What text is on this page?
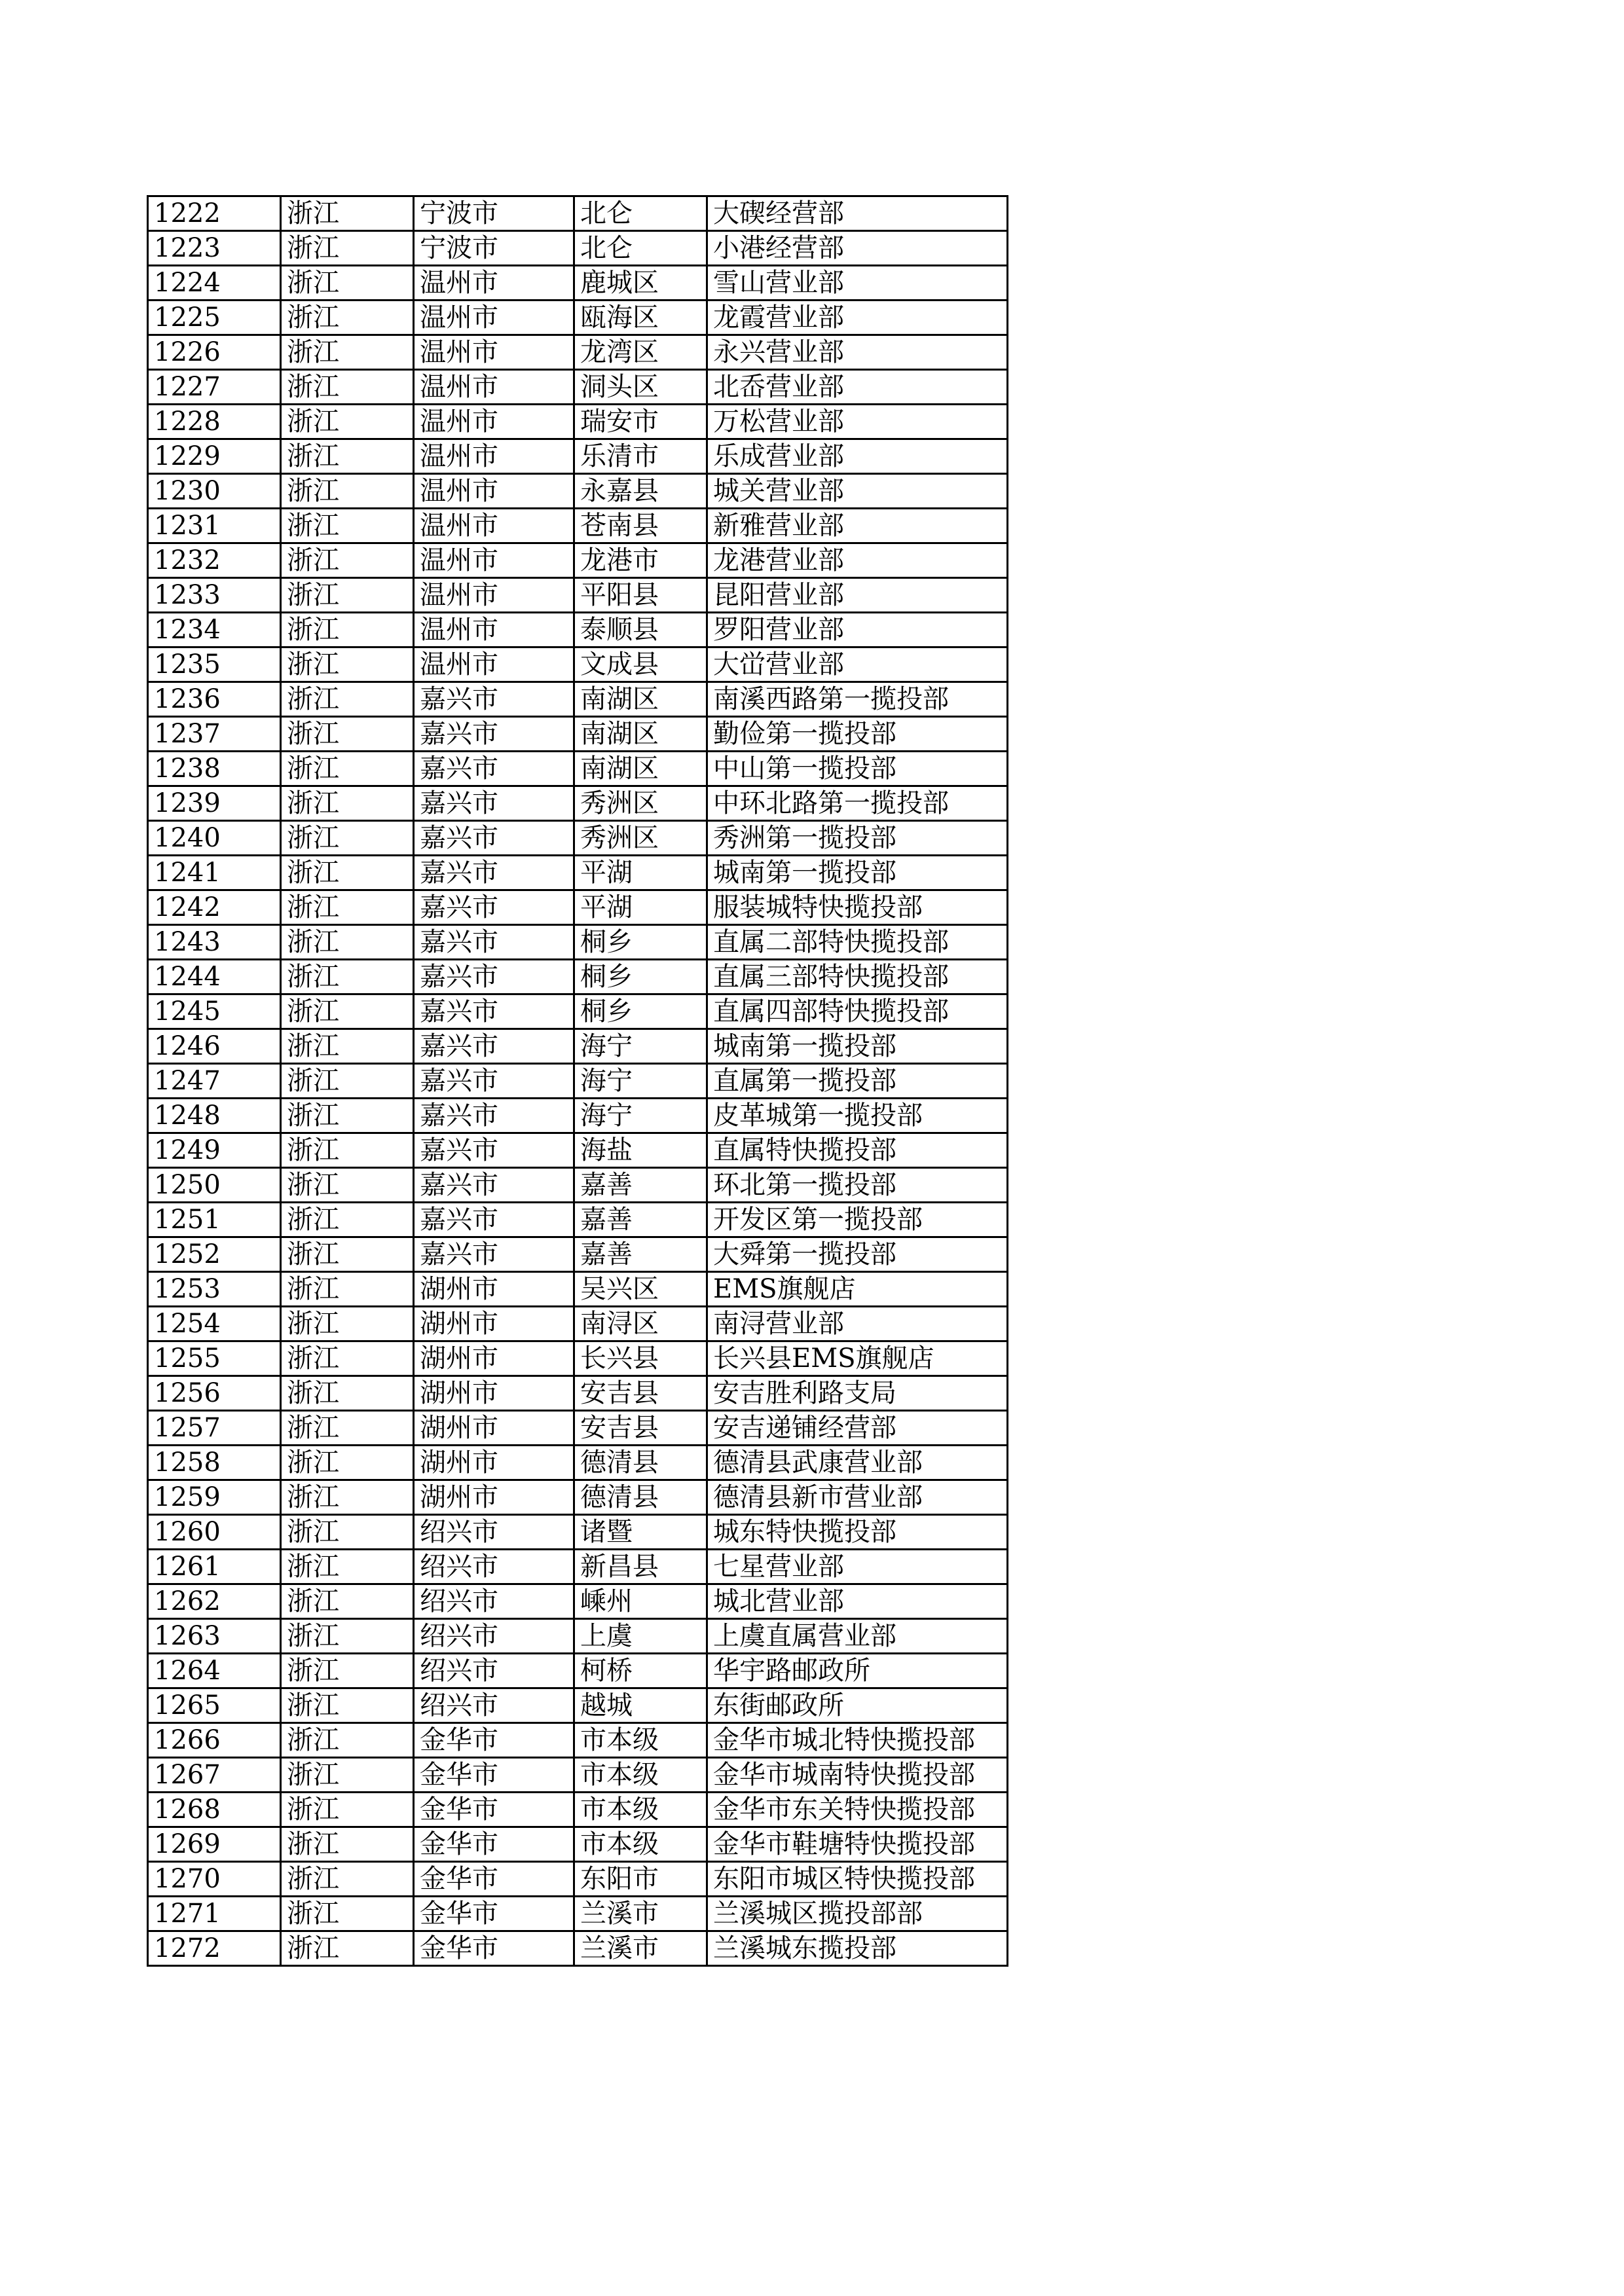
1222	浙江	宁波市	北仑	大碶经营部
1223	浙江	宁波市	北仑	小港经营部
1224	浙江	温州市	鹿城区	雪山营业部
1225	浙江	温州市	瓯海区	龙霞营业部
1226	浙江	温州市	龙湾区	永兴营业部
1227	浙江	温州市	洞头区	北岙营业部
1228	浙江	温州市	瑞安市	万松营业部
1229	浙江	温州市	乐清市	乐成营业部
1230	浙江	温州市	永嘉县	城关营业部
1231	浙江	温州市	苍南县	新雅营业部
1232	浙江	温州市	龙港市	龙港营业部
1233	浙江	温州市	平阳县	昆阳营业部
1234	浙江	温州市	泰顺县	罗阳营业部
1235	浙江	温州市	文成县	大峃营业部
1236	浙江	嘉兴市	南湖区	南溪西路第一揽投部
1237	浙江	嘉兴市	南湖区	勤俭第一揽投部
1238	浙江	嘉兴市	南湖区	中山第一揽投部
1239	浙江	嘉兴市	秀洲区	中环北路第一揽投部
1240	浙江	嘉兴市	秀洲区	秀洲第一揽投部
1241	浙江	嘉兴市	平湖	城南第一揽投部
1242	浙江	嘉兴市	平湖	服装城特快揽投部
1243	浙江	嘉兴市	桐乡	直属二部特快揽投部
1244	浙江	嘉兴市	桐乡	直属三部特快揽投部
1245	浙江	嘉兴市	桐乡	直属四部特快揽投部
1246	浙江	嘉兴市	海宁	城南第一揽投部
1247	浙江	嘉兴市	海宁	直属第一揽投部
1248	浙江	嘉兴市	海宁	皮革城第一揽投部
1249	浙江	嘉兴市	海盐	直属特快揽投部
1250	浙江	嘉兴市	嘉善	环北第一揽投部
1251	浙江	嘉兴市	嘉善	开发区第一揽投部
1252	浙江	嘉兴市	嘉善	大舜第一揽投部
1253	浙江	湖州市	吴兴区	EMS旗舰店
1254	浙江	湖州市	南浔区	南浔营业部
1255	浙江	湖州市	长兴县	长兴县EMS旗舰店
1256	浙江	湖州市	安吉县	安吉胜利路支局
1257	浙江	湖州市	安吉县	安吉递铺经营部
1258	浙江	湖州市	德清县	德清县武康营业部
1259	浙江	湖州市	德清县	德清县新市营业部
1260	浙江	绍兴市	诸暨	城东特快揽投部
1261	浙江	绍兴市	新昌县	七星营业部
1262	浙江	绍兴市	嵊州	城北营业部
1263	浙江	绍兴市	上虞	上虞直属营业部
1264	浙江	绍兴市	柯桥	华宇路邮政所
1265	浙江	绍兴市	越城	东街邮政所
1266	浙江	金华市	市本级	金华市城北特快揽投部
1267	浙江	金华市	市本级	金华市城南特快揽投部
1268	浙江	金华市	市本级	金华市东关特快揽投部
1269	浙江	金华市	市本级	金华市鞋塘特快揽投部
1270	浙江	金华市	东阳市	东阳市城区特快揽投部
1271	浙江	金华市	兰溪市	兰溪城区揽投部部
1272	浙江	金华市	兰溪市	兰溪城东揽投部
